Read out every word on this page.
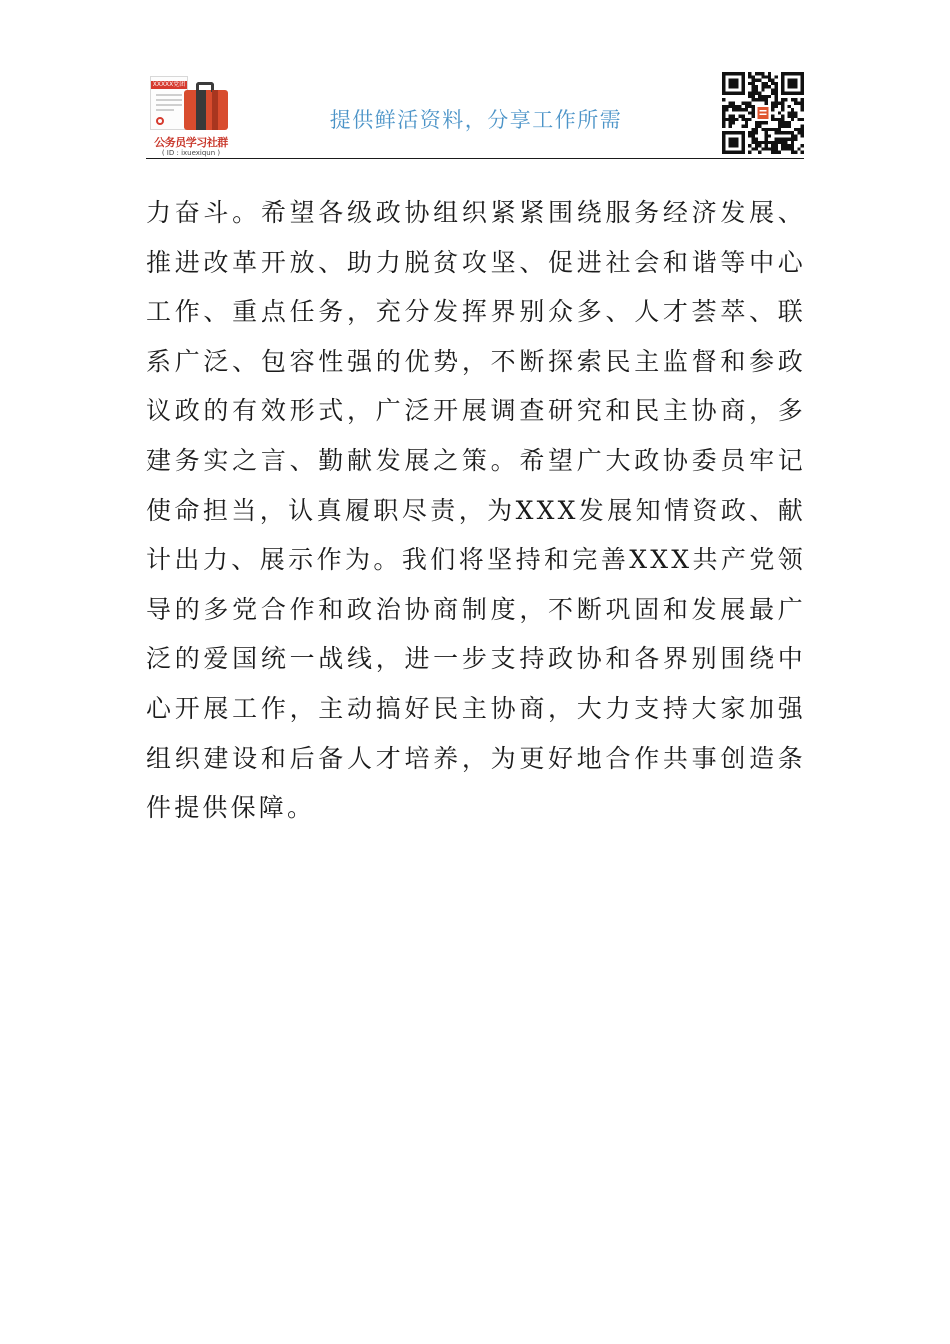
XXXXX党团
公务员学习社群
( ID : ixuexiqun )
提供鲜活资料，分享工作所需

力奋斗。希望各级政协组织紧紧围绕服务经济发展、推进改革开放、助力脱贫攻坚、促进社会和谐等中心工作、重点任务，充分发挥界别众多、人才荟萃、联系广泛、包容性强的优势，不断探索民主监督和参政议政的有效形式，广泛开展调查研究和民主协商，多建务实之言、勤献发展之策。希望广大政协委员牢记使命担当，认真履职尽责，为XXX发展知情资政、献计出力、展示作为。我们将坚持和完善XXX共产党领导的多党合作和政治协商制度，不断巩固和发展最广泛的爱国统一战线，进一步支持政协和各界别围绕中心开展工作，主动搞好民主协商，大力支持大家加强组织建设和后备人才培养，为更好地合作共事创造条件提供保障。
